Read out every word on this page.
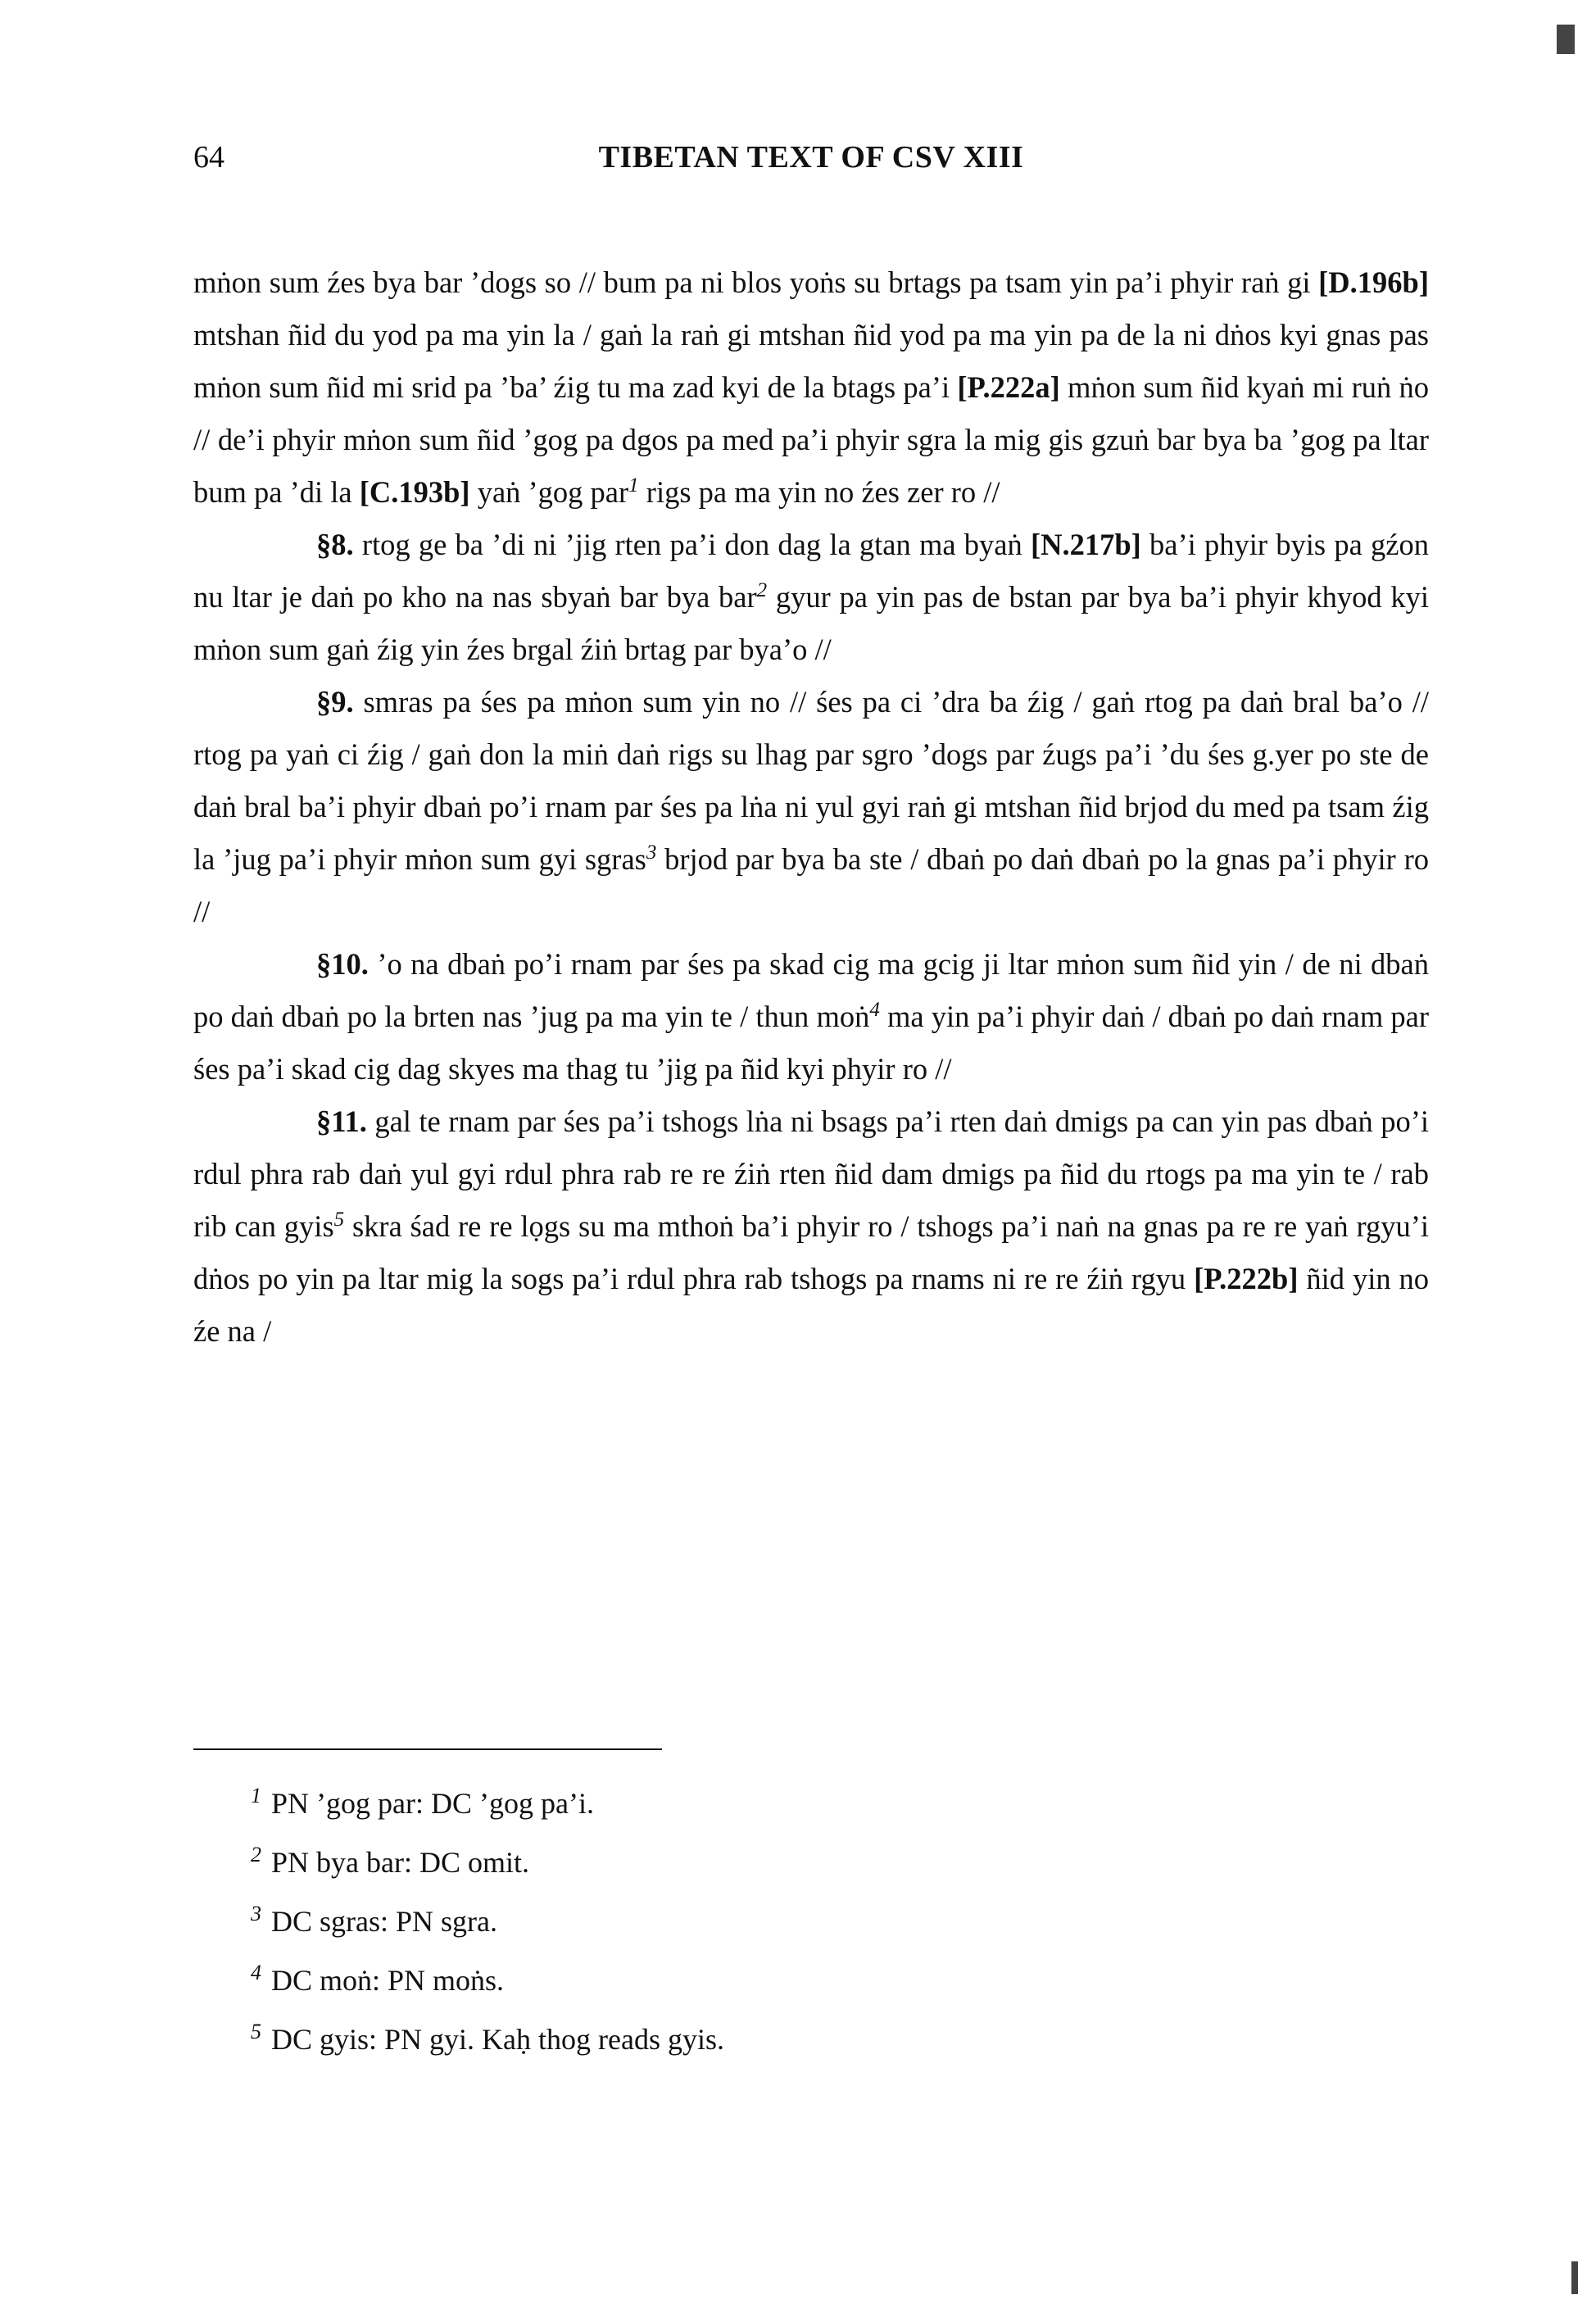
64	TIBETAN TEXT OF CSV XIII

mṅon sum źes bya bar ’dogs so // bum pa ni blos yoṅs su brtags pa tsam yin pa’i phyir raṅ gi [D.196b] mtshan ñid du yod pa ma yin la / gaṅ la raṅ gi mtshan ñid yod pa ma yin pa de la ni dṅos kyi gnas pas mṅon sum ñid mi srid pa ’ba’ źig tu ma zad kyi de la btags pa’i [P.222a] mṅon sum ñid kyaṅ mi ruṅ ṅo // de’i phyir mṅon sum ñid ’gog pa dgos pa med pa’i phyir sgra la mig gis gzuṅ bar bya ba ’gog pa ltar bum pa ’di la [C.193b] yaṅ ’gog par$^1$ rigs pa ma yin no źes zer ro //

§8. rtog ge ba ’di ni ’jig rten pa’i don dag la gtan ma byaṅ [N.217b] ba’i phyir byis pa gźon nu ltar je daṅ po kho na nas sbyaṅ bar bya bar$^2$ gyur pa yin pas de bstan par bya ba’i phyir khyod kyi mṅon sum gaṅ źig yin źes brgal źiṅ brtag par bya’o //

§9. smras pa śes pa mṅon sum yin no // śes pa ci ’dra ba źig / gaṅ rtog pa daṅ bral ba’o // rtog pa yaṅ ci źig / gaṅ don la miṅ daṅ rigs su lhag par sgro ’dogs par źugs pa’i ’du śes g.yer po ste de daṅ bral ba’i phyir dbaṅ po’i rnam par śes pa lṅa ni yul gyi raṅ gi mtshan ñid brjod du med pa tsam źig la ’jug pa’i phyir mṅon sum gyi sgras$^3$ brjod par bya ba ste / dbaṅ po daṅ dbaṅ po la gnas pa’i phyir ro //

§10. ’o na dbaṅ po’i rnam par śes pa skad cig ma gcig ji ltar mṅon sum ñid yin / de ni dbaṅ po daṅ dbaṅ po la brten nas ’jug pa ma yin te / thun moṅ$^4$ ma yin pa’i phyir daṅ / dbaṅ po daṅ rnam par śes pa’i skad cig dag skyes ma thag tu ’jig pa ñid kyi phyir ro //

§11. gal te rnam par śes pa’i tshogs lṅa ni bsags pa’i rten daṅ dmigs pa can yin pas dbaṅ po’i rdul phra rab daṅ yul gyi rdul phra rab re re źiṅ rten ñid dam dmigs pa ñid du rtogs pa ma yin te / rab rib can gyis$^5$ skra śad re re lọgs su ma mthoṅ ba’i phyir ro / tshogs pa’i naṅ na gnas pa re re yaṅ rgyu’i dṅos po yin pa ltar mig la sogs pa’i rdul phra rab tshogs pa rnams ni re re źiṅ rgyu [P.222b] ñid yin no źe na /

$^1$ PN ’gog par: DC ’gog pa’i.
$^2$ PN bya bar: DC omit.
$^3$ DC sgras: PN sgra.
$^4$ DC moṅ: PN moṅs.
$^5$ DC gyis: PN gyi. Kaḥ thog reads gyis.
